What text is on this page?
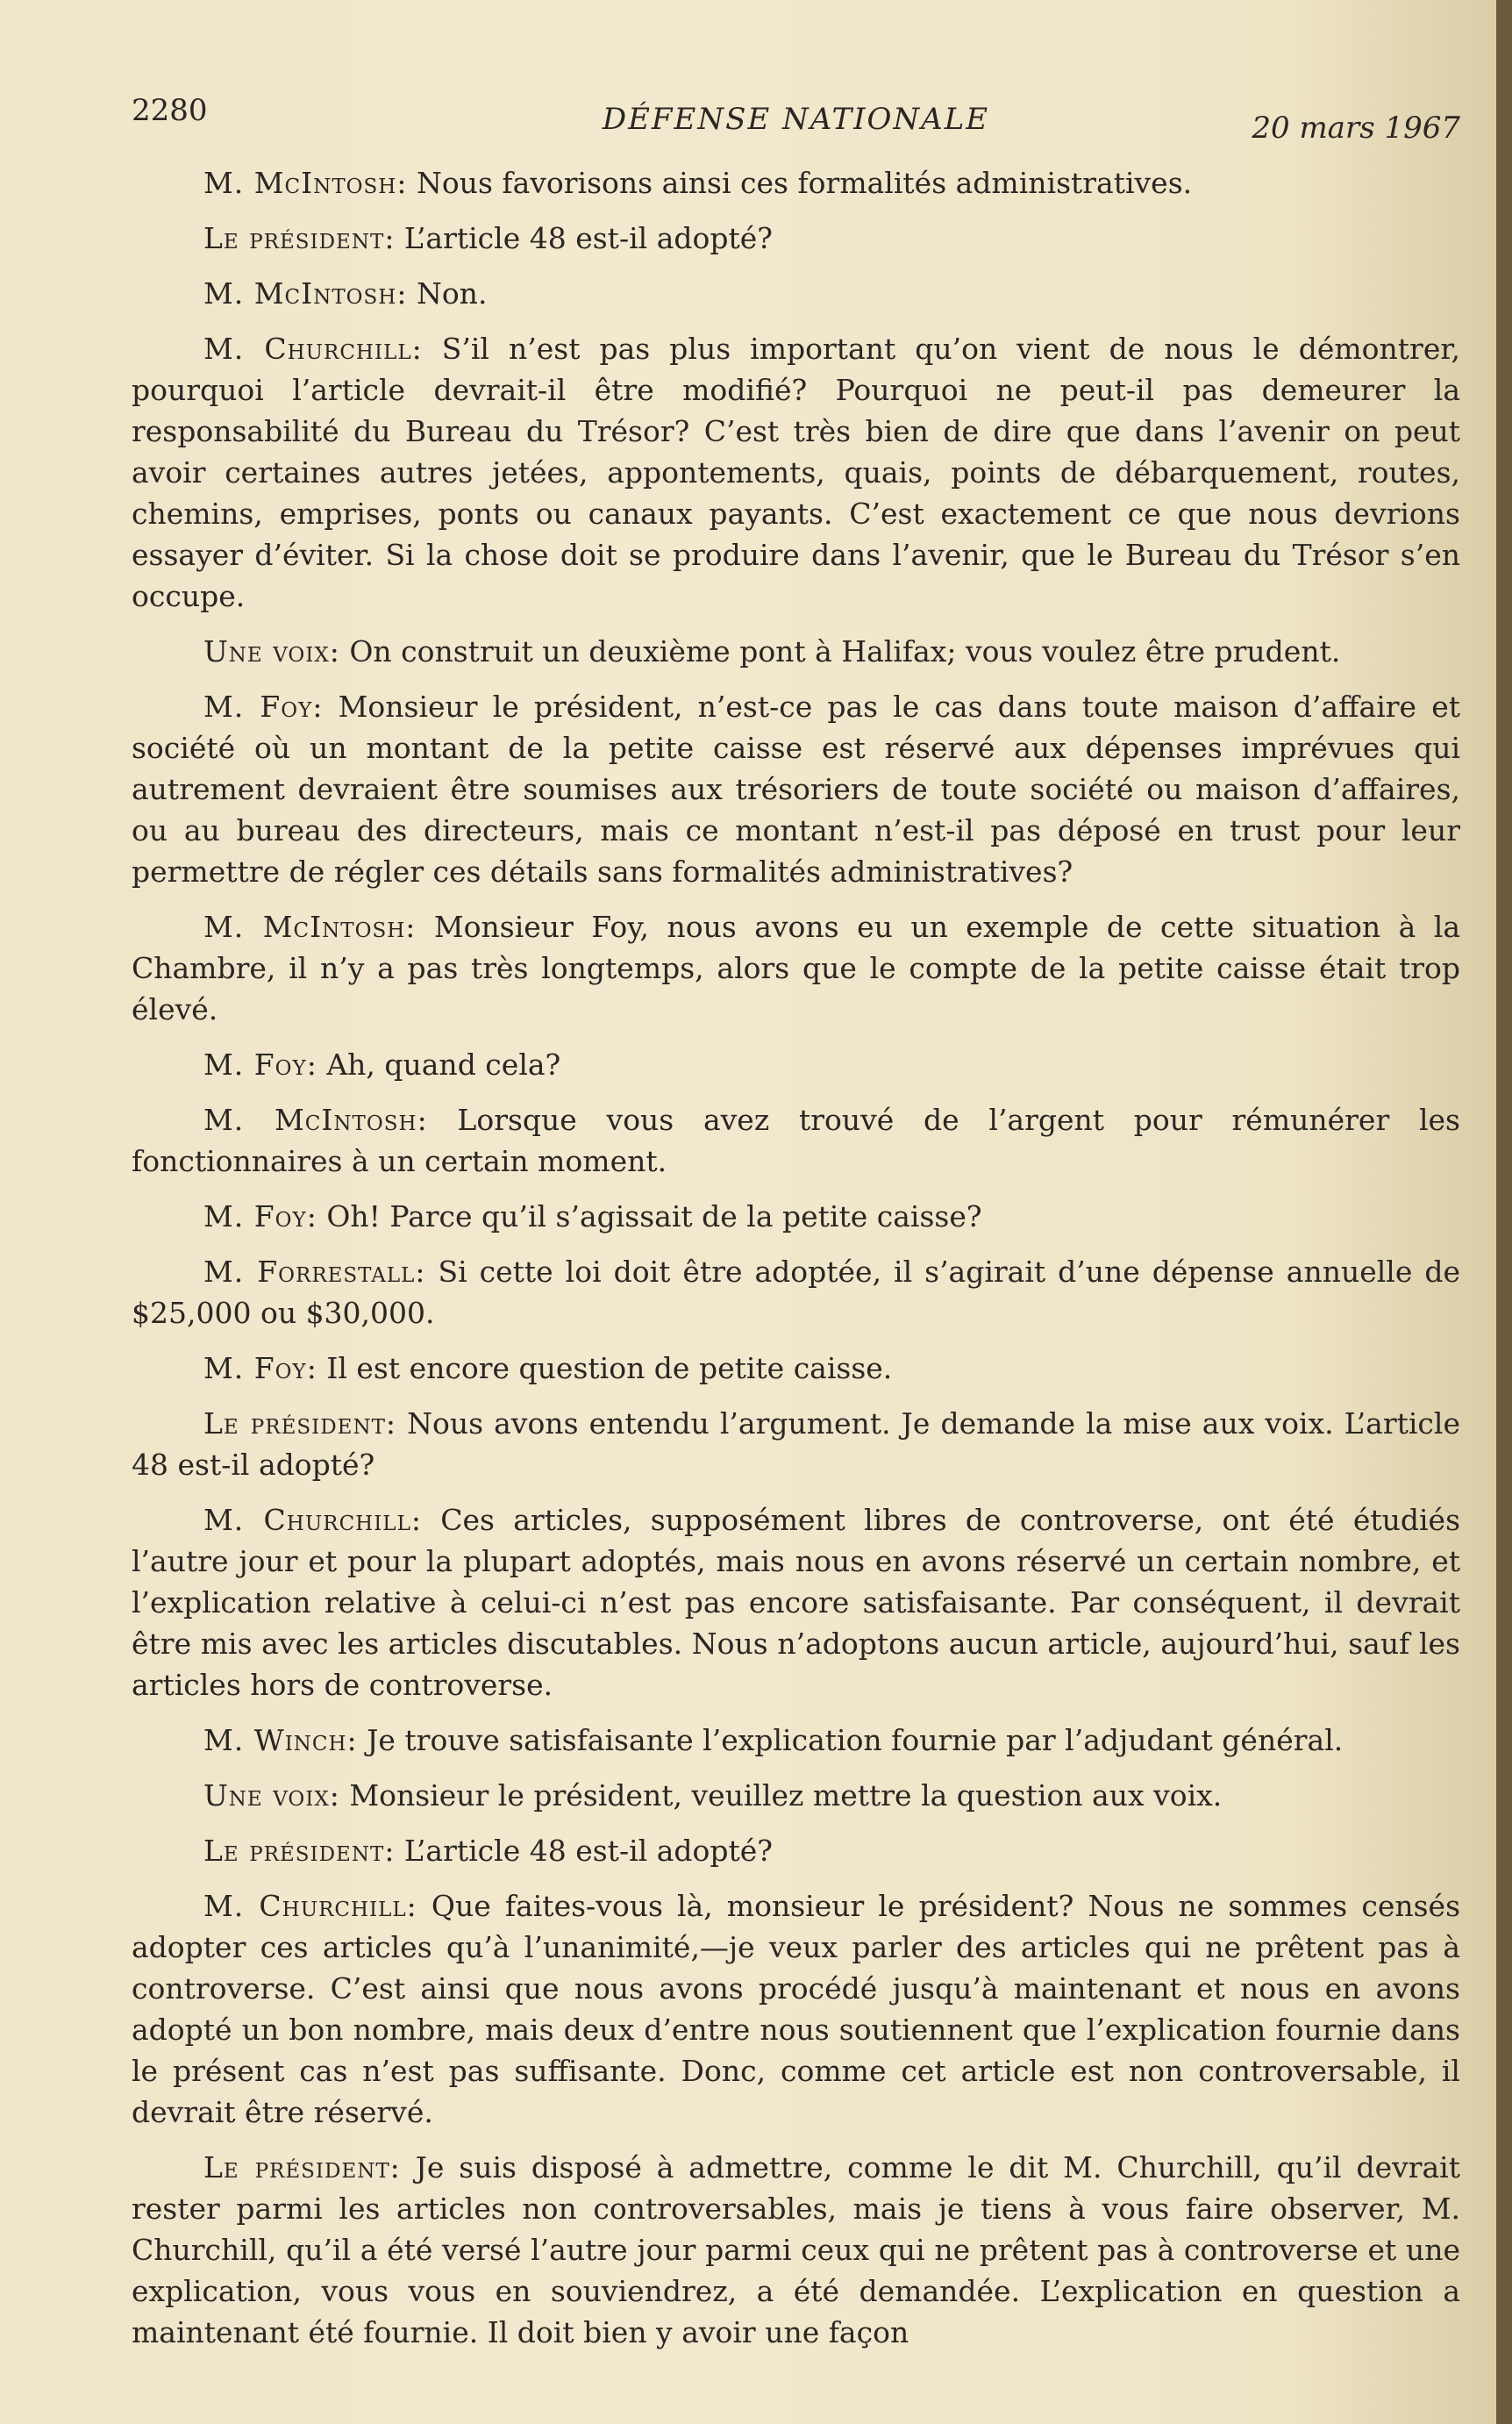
2280	DÉFENSE NATIONALE	20 mars 1967

M. McIntosh: Nous favorisons ainsi ces formalités administratives.

Le président: L’article 48 est-il adopté?

M. McIntosh: Non.

M. Churchill: S’il n’est pas plus important qu’on vient de nous le démontrer, pourquoi l’article devrait-il être modifié? Pourquoi ne peut-il pas demeurer la responsabilité du Bureau du Trésor? C’est très bien de dire que dans l’avenir on peut avoir certaines autres jetées, appontements, quais, points de débarquement, routes, chemins, emprises, ponts ou canaux payants. C’est exactement ce que nous devrions essayer d’éviter. Si la chose doit se produire dans l’avenir, que le Bureau du Trésor s’en occupe.

Une voix: On construit un deuxième pont à Halifax; vous voulez être prudent.

M. Foy: Monsieur le président, n’est-ce pas le cas dans toute maison d’affaire et société où un montant de la petite caisse est réservé aux dépenses imprévues qui autrement devraient être soumises aux trésoriers de toute société ou maison d’affaires, ou au bureau des directeurs, mais ce montant n’est-il pas déposé en trust pour leur permettre de régler ces détails sans formalités administratives?

M. McIntosh: Monsieur Foy, nous avons eu un exemple de cette situation à la Chambre, il n’y a pas très longtemps, alors que le compte de la petite caisse était trop élevé.

M. Foy: Ah, quand cela?

M. McIntosh: Lorsque vous avez trouvé de l’argent pour rémunérer les fonctionnaires à un certain moment.

M. Foy: Oh! Parce qu’il s’agissait de la petite caisse?

M. Forrestall: Si cette loi doit être adoptée, il s’agirait d’une dépense annuelle de $25,000 ou $30,000.

M. Foy: Il est encore question de petite caisse.

Le président: Nous avons entendu l’argument. Je demande la mise aux voix. L’article 48 est-il adopté?

M. Churchill: Ces articles, supposément libres de controverse, ont été étudiés l’autre jour et pour la plupart adoptés, mais nous en avons réservé un certain nombre, et l’explication relative à celui-ci n’est pas encore satisfaisante. Par conséquent, il devrait être mis avec les articles discutables. Nous n’adoptons aucun article, aujourd’hui, sauf les articles hors de controverse.

M. Winch: Je trouve satisfaisante l’explication fournie par l’adjudant général.

Une voix: Monsieur le président, veuillez mettre la question aux voix.

Le président: L’article 48 est-il adopté?

M. Churchill: Que faites-vous là, monsieur le président? Nous ne sommes censés adopter ces articles qu’à l’unanimité,—je veux parler des articles qui ne prêtent pas à controverse. C’est ainsi que nous avons procédé jusqu’à maintenant et nous en avons adopté un bon nombre, mais deux d’entre nous soutiennent que l’explication fournie dans le présent cas n’est pas suffisante. Donc, comme cet article est non controversable, il devrait être réservé.

Le président: Je suis disposé à admettre, comme le dit M. Churchill, qu’il devrait rester parmi les articles non controversables, mais je tiens à vous faire observer, M. Churchill, qu’il a été versé l’autre jour parmi ceux qui ne prêtent pas à controverse et une explication, vous vous en souviendrez, a été demandée. L’explication en question a maintenant été fournie. Il doit bien y avoir une façon
